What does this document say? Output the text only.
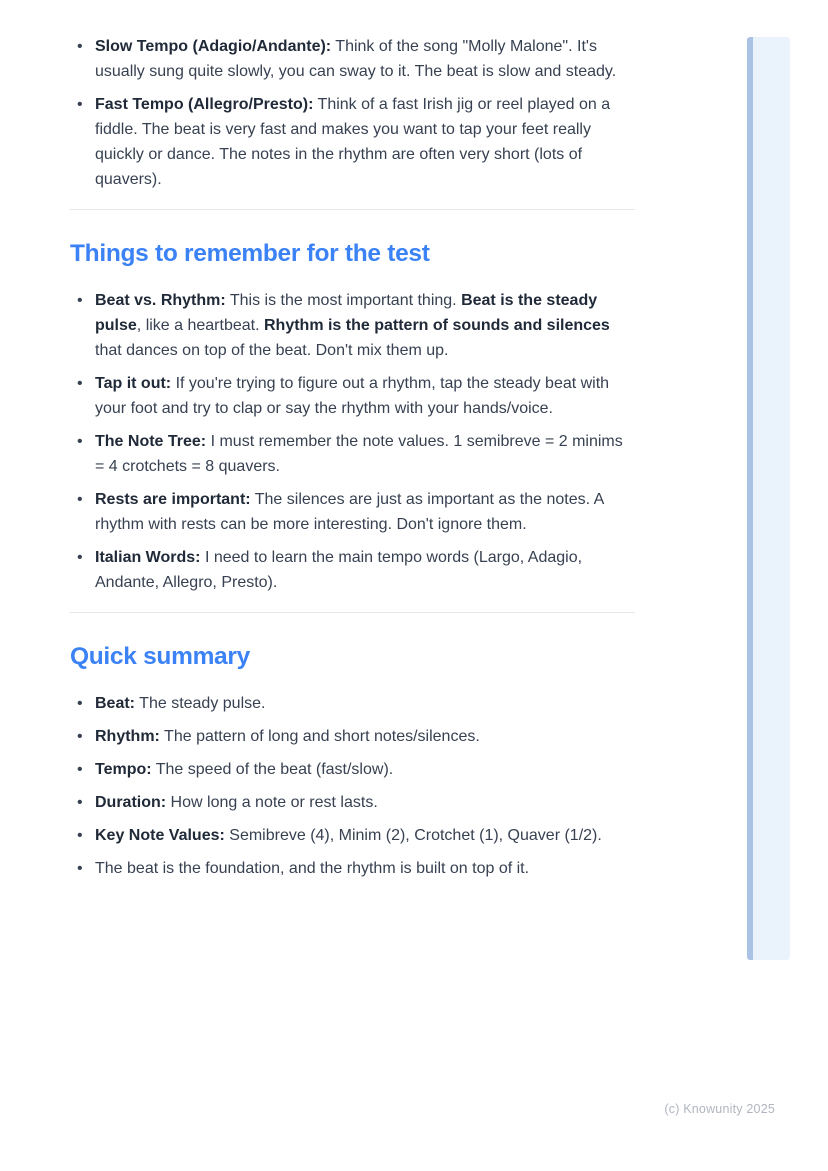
• Slow Tempo (Adagio/Andante): Think of the song "Molly Malone". It's usually sung quite slowly, you can sway to it. The beat is slow and steady.
• Fast Tempo (Allegro/Presto): Think of a fast Irish jig or reel played on a fiddle. The beat is very fast and makes you want to tap your feet really quickly or dance. The notes in the rhythm are often very short (lots of quavers).
Things to remember for the test
• Beat vs. Rhythm: This is the most important thing. Beat is the steady pulse, like a heartbeat. Rhythm is the pattern of sounds and silences that dances on top of the beat. Don't mix them up.
• Tap it out: If you're trying to figure out a rhythm, tap the steady beat with your foot and try to clap or say the rhythm with your hands/voice.
• The Note Tree: I must remember the note values. 1 semibreve = 2 minims = 4 crotchets = 8 quavers.
• Rests are important: The silences are just as important as the notes. A rhythm with rests can be more interesting. Don't ignore them.
• Italian Words: I need to learn the main tempo words (Largo, Adagio, Andante, Allegro, Presto).
Quick summary
• Beat: The steady pulse.
• Rhythm: The pattern of long and short notes/silences.
• Tempo: The speed of the beat (fast/slow).
• Duration: How long a note or rest lasts.
• Key Note Values: Semibreve (4), Minim (2), Crotchet (1), Quaver (1/2).
• The beat is the foundation, and the rhythm is built on top of it.
(c) Knowunity 2025
